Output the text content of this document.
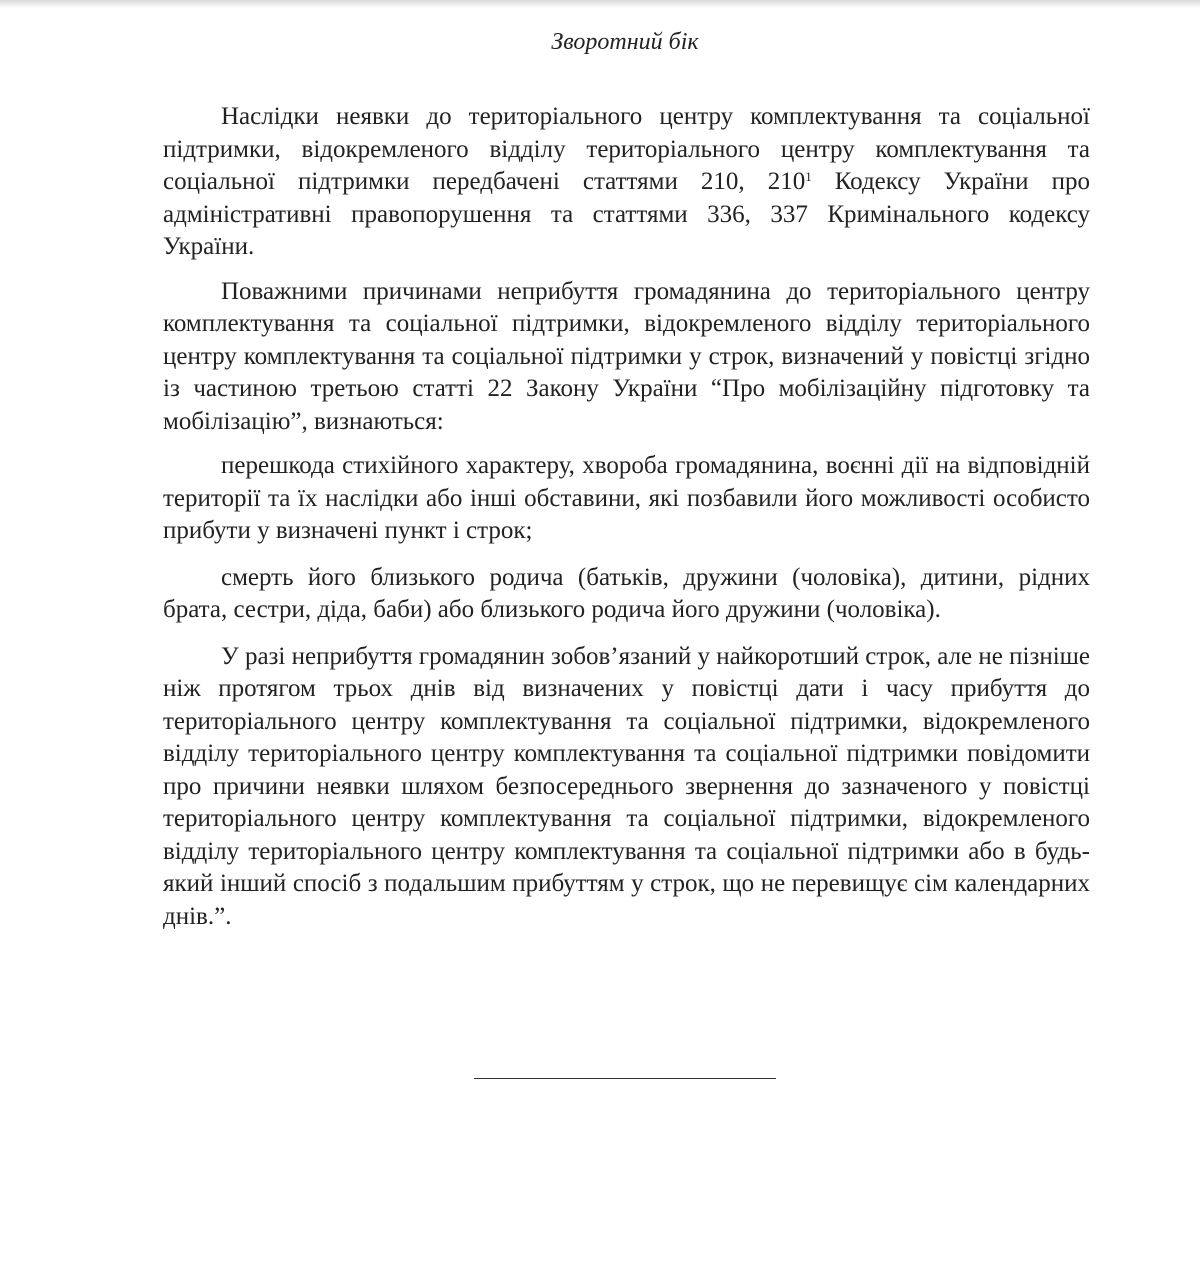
Зворотний бік

Наслідки неявки до територіального центру комплектування та соціальної підтримки, відокремленого відділу територіального центру комплектування та соціальної підтримки передбачені статтями 210, $210^1$ Кодексу України про адміністративні правопорушення та статтями 336, 337 Кримінального кодексу України.

Поважними причинами неприбуття громадянина до територіального центру комплектування та соціальної підтримки, відокремленого відділу територіального центру комплектування та соціальної підтримки у строк, визначений у повістці згідно із частиною третьою статті 22 Закону України “Про мобілізаційну підготовку та мобілізацію”, визнаються:

перешкода стихійного характеру, хвороба громадянина, воєнні дії на відповідній території та їх наслідки або інші обставини, які позбавили його можливості особисто прибути у визначені пункт і строк;

смерть його близького родича (батьків, дружини (чоловіка), дитини, рідних брата, сестри, діда, баби) або близького родича його дружини (чоловіка).

У разі неприбуття громадянин зобов’язаний у найкоротший строк, але не пізніше ніж протягом трьох днів від визначених у повістці дати і часу прибуття до територіального центру комплектування та соціальної підтримки, відокремленого відділу територіального центру комплектування та соціальної підтримки повідомити про причини неявки шляхом безпосереднього звернення до зазначеного у повістці територіального центру комплектування та соціальної підтримки, відокремленого відділу територіального центру комплектування та соціальної підтримки або в будь-який інший спосіб з подальшим прибуттям у строк, що не перевищує сім календарних днів.”.
